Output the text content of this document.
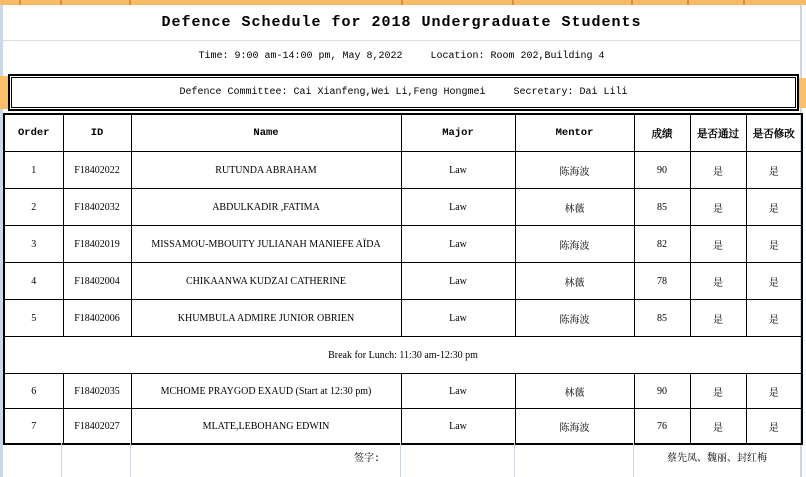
Defence Schedule for 2018 Undergraduate Students
Time: 9:00 am-14:00 pm, May 8,2022	Location: Room 202,Building 4
Defence Committee: Cai Xianfeng,Wei Li,Feng Hongmei	Secretary: Dai Lili
Order	ID	Name	Major	Mentor	成绩	是否通过	是否修改
1	F18402022	RUTUNDA ABRAHAM	Law	陈海波	90	是	是
2	F18402032	ABDULKADIR ,FATIMA	Law	林薇	85	是	是
3	F18402019	MISSAMOU-MBOUITY JULIANAH MANIEFE AÏDA	Law	陈海波	82	是	是
4	F18402004	CHIKAANWA KUDZAI CATHERINE	Law	林薇	78	是	是
5	F18402006	KHUMBULA ADMIRE JUNIOR OBRIEN	Law	陈海波	85	是	是
Break for Lunch: 11:30 am-12:30 pm							
6	F18402035	MCHOME PRAYGOD EXAUD (Start at 12:30 pm)	Law	林薇	90	是	是
7	F18402027	MLATE,LEBOHANG EDWIN	Law	陈海波	76	是	是
签字:	蔡先凤、魏丽、封红梅
